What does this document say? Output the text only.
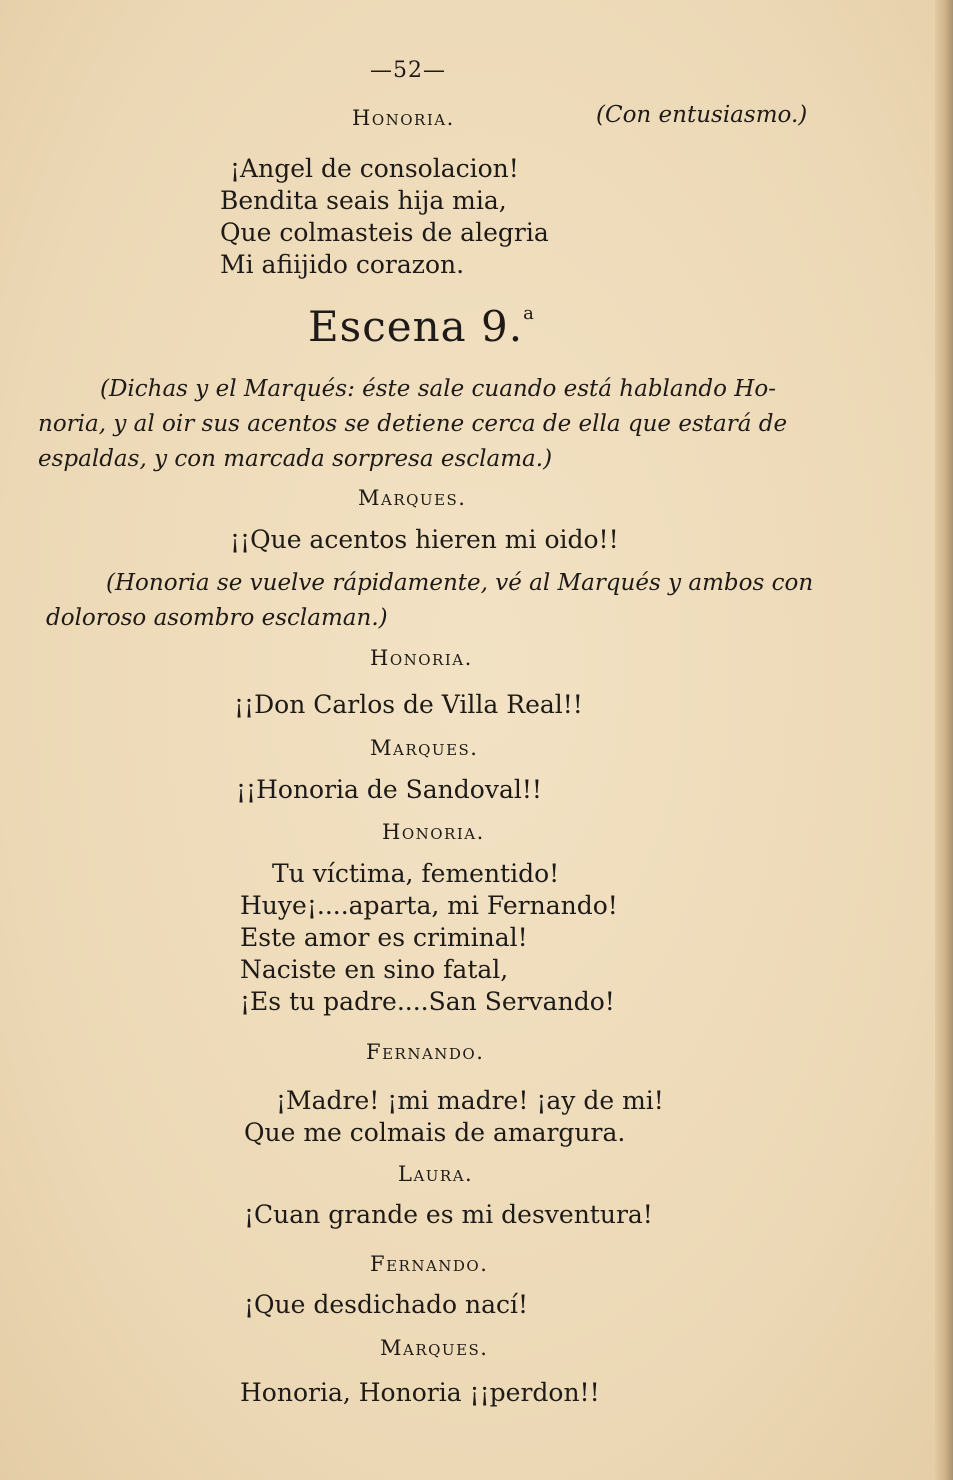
—52—
Honoria.	(Con entusiasmo.)
¡Angel de consolacion!
Bendita seais hija mia,
Que colmasteis de alegria
Mi afiijido corazon.
Escena 9.$^a$
(Dichas y el Marqués: éste sale cuando está hablando Ho-
noria, y al oir sus acentos se detiene cerca de ella que estará de
espaldas, y con marcada sorpresa esclama.)
Marques.
¡¡Que acentos hieren mi oido!!
(Honoria se vuelve rápidamente, vé al Marqués y ambos con
doloroso asombro esclaman.)
Honoria.
¡¡Don Carlos de Villa Real!!
Marques.
¡¡Honoria de Sandoval!!
Honoria.
Tu víctima, fementido!
Huye¡....aparta, mi Fernando!
Este amor es criminal!
Naciste en sino fatal,
¡Es tu padre....San Servando!
Fernando.
¡Madre! ¡mi madre! ¡ay de mi!
Que me colmais de amargura.
Laura.
¡Cuan grande es mi desventura!
Fernando.
¡Que desdichado nací!
Marques.
Honoria, Honoria ¡¡perdon!!
